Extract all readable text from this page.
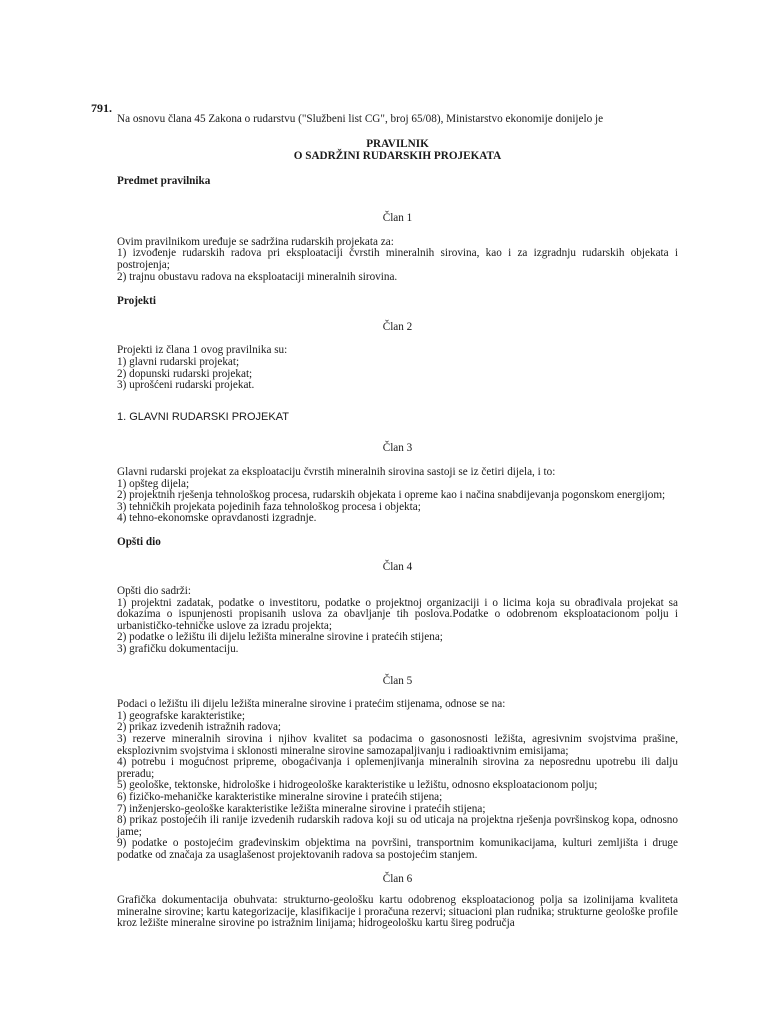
791.
Na osnovu člana 45 Zakona o rudarstvu ("Službeni list CG", broj 65/08), Ministarstvo ekonomije donijelo je
PRAVILNIK
O SADRŽINI RUDARSKIH PROJEKATA
Predmet pravilnika
Član 1

Ovim pravilnikom uređuje se sadržina rudarskih projekata za:

1) izvođenje rudarskih radova pri eksploataciji čvrstih mineralnih sirovina, kao i za izgradnju rudarskih objekata i postrojenja;

2) trajnu obustavu radova na eksploataciji mineralnih sirovina.

Projekti
Član 2

Projekti iz člana 1 ovog pravilnika su:

1) glavni rudarski projekat;

2) dopunski rudarski projekat;

3) uprošćeni rudarski projekat.

1. GLAVNI RUDARSKI PROJEKAT
Član 3

Glavni rudarski projekat za eksploataciju čvrstih mineralnih sirovina sastoji se iz četiri dijela, i to:

1) opšteg dijela;

2) projektnih rješenja tehnološkog procesa, rudarskih objekata i opreme kao i načina snabdijevanja pogonskom energijom;

3) tehničkih projekata pojedinih faza tehnološkog procesa i objekta;

4) tehno-ekonomske opravdanosti izgradnje.

Opšti dio
Član 4

Opšti dio sadrži:

1) projektni zadatak, podatke o investitoru, podatke o projektnoj organizaciji i o licima koja su obrađivala projekat sa dokazima o ispunjenosti propisanih uslova za obavljanje tih poslova.Podatke o odobrenom eksploatacionom polju i urbanističko-tehničke uslove za izradu projekta;

2) podatke o ležištu ili dijelu ležišta mineralne sirovine i pratećih stijena;

3) grafičku dokumentaciju.

Član 5

Podaci o ležištu ili dijelu ležišta mineralne sirovine i pratećim stijenama, odnose se na:

1) geografske karakteristike;

2) prikaz izvedenih istražnih radova;

3) rezerve mineralnih sirovina i njihov kvalitet sa podacima o gasonosnosti ležišta, agresivnim svojstvima prašine, eksplozivnim svojstvima i sklonosti mineralne sirovine samozapaljivanju i radioaktivnim emisijama;

4) potrebu i mogućnost pripreme, obogaćivanja i oplemenjivanja mineralnih sirovina za neposrednu upotrebu ili dalju preradu;

5) geološke, tektonske, hidrološke i hidrogeološke karakteristike u ležištu, odnosno eksploatacionom polju;

6) fizičko-mehaničke karakteristike mineralne sirovine i pratećih stijena;

7) inženjersko-geološke karakteristike ležišta mineralne sirovine i pratećih stijena;

8) prikaz postojećih ili ranije izvedenih rudarskih radova koji su od uticaja na projektna rješenja površinskog kopa, odnosno jame;

9) podatke o postojećim građevinskim objektima na površini, transportnim komunikacijama, kulturi zemljišta i druge podatke od značaja za usaglašenost projektovanih radova sa postojećim stanjem.

Član 6

Grafička dokumentacija obuhvata: strukturno-geološku kartu odobrenog eksploatacionog polja sa izolinijama kvaliteta mineralne sirovine; kartu kategorizacije, klasifikacije i proračuna rezervi; situacioni plan rudnika; strukturne geološke profile kroz ležište mineralne sirovine po istražnim linijama; hidrogeološku kartu šireg područja
